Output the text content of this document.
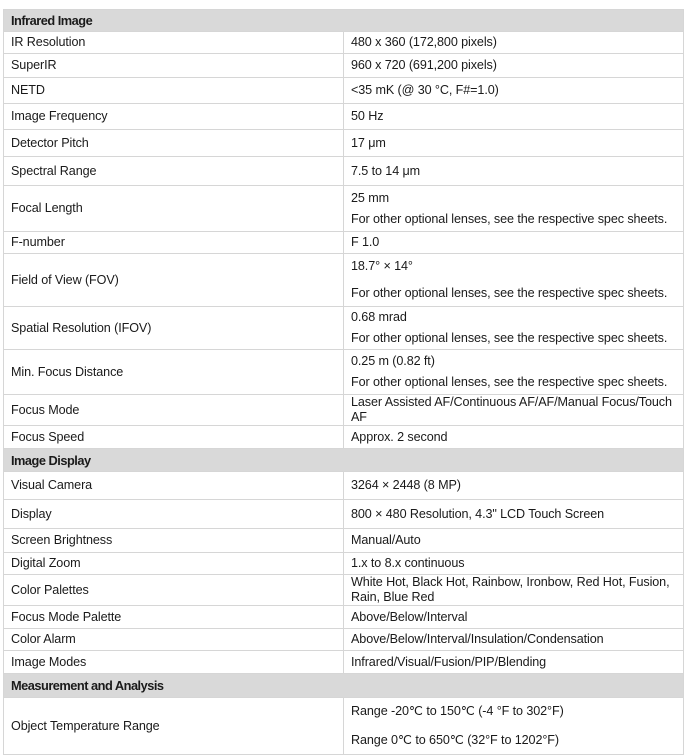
Infrared Image	
IR Resolution	480 x 360 (172,800 pixels)
SuperIR	960 x 720 (691,200 pixels)
NETD	<35 mK (@ 30 °C, F#=1.0)
Image Frequency	50 Hz
Detector Pitch	17 μm
Spectral Range	7.5 to 14 μm
Focal Length	25 mm
For other optional lenses, see the respective spec sheets.

F-number	F 1.0
Field of View (FOV)	18.7° × 14°
For other optional lenses, see the respective spec sheets.

Spatial Resolution (IFOV)	0.68 mrad
For other optional lenses, see the respective spec sheets.

Min. Focus Distance	0.25 m (0.82 ft)
For other optional lenses, see the respective spec sheets.

Focus Mode	Laser Assisted AF/Continuous AF/AF/Manual Focus/Touch AF
Focus Speed	Approx. 2 second
Image Display	
Visual Camera	3264 × 2448 (8 MP)
Display	800 × 480 Resolution, 4.3" LCD Touch Screen
Screen Brightness	Manual/Auto
Digital Zoom	1.x to 8.x continuous
Color Palettes	White Hot, Black Hot, Rainbow, Ironbow, Red Hot, Fusion, Rain, Blue Red
Focus Mode Palette	Above/Below/Interval
Color Alarm	Above/Below/Interval/Insulation/Condensation
Image Modes	Infrared/Visual/Fusion/PIP/Blending
Measurement and Analysis	
Object Temperature Range	Range -20℃ to 150℃ (-4 °F to 302°F)
Range 0℃ to 650℃ (32°F to 1202°F)
